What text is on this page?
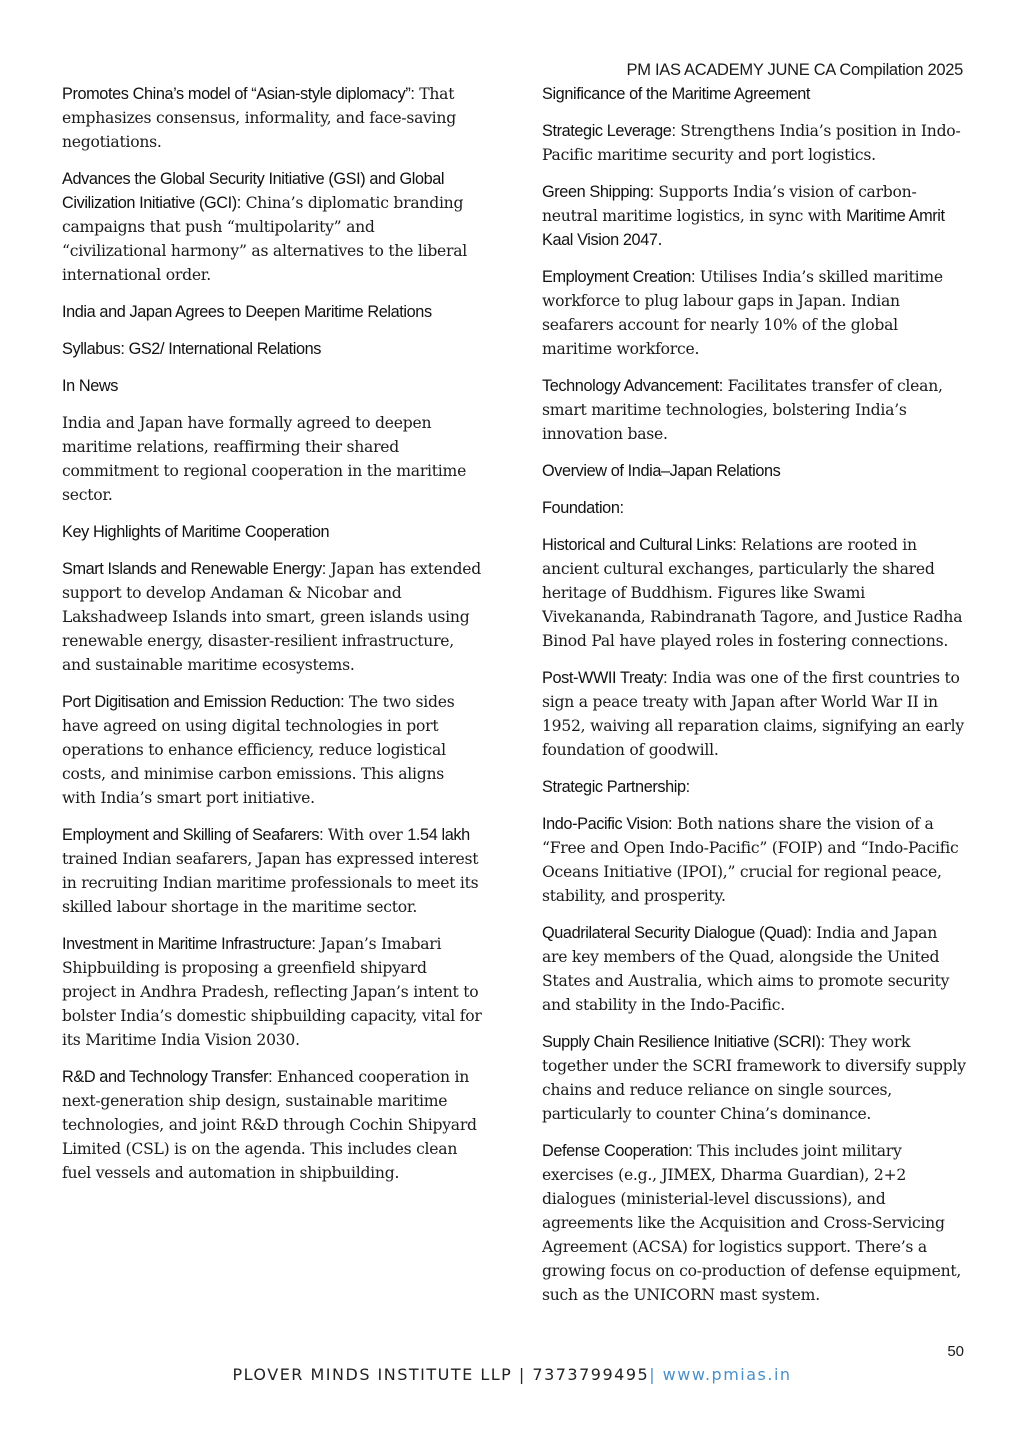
PM IAS ACADEMY JUNE CA Compilation 2025

Promotes China’s model of “Asian-style diplomacy”: That emphasizes consensus, informality, and face-saving negotiations.

Advances the Global Security Initiative (GSI) and Global Civilization Initiative (GCI): China’s diplomatic branding campaigns that push “multipolarity” and “civilizational harmony” as alternatives to the liberal international order.

India and Japan Agrees to Deepen Maritime Relations

Syllabus: GS2/ International Relations

In News

India and Japan have formally agreed to deepen maritime relations, reaffirming their shared commitment to regional cooperation in the maritime sector.

Key Highlights of Maritime Cooperation

Smart Islands and Renewable Energy: Japan has extended support to develop Andaman & Nicobar and Lakshadweep Islands into smart, green islands using renewable energy, disaster-resilient infrastructure, and sustainable maritime ecosystems.

Port Digitisation and Emission Reduction: The two sides have agreed on using digital technologies in port operations to enhance efficiency, reduce logistical costs, and minimise carbon emissions. This aligns with India’s smart port initiative.

Employment and Skilling of Seafarers: With over 1.54 lakh trained Indian seafarers, Japan has expressed interest in recruiting Indian maritime professionals to meet its skilled labour shortage in the maritime sector.

Investment in Maritime Infrastructure: Japan’s Imabari Shipbuilding is proposing a greenfield shipyard project in Andhra Pradesh, reflecting Japan’s intent to bolster India’s domestic shipbuilding capacity, vital for its Maritime India Vision 2030.

R&D and Technology Transfer: Enhanced cooperation in next-generation ship design, sustainable maritime technologies, and joint R&D through Cochin Shipyard Limited (CSL) is on the agenda. This includes clean fuel vessels and automation in shipbuilding.

Significance of the Maritime Agreement

Strategic Leverage: Strengthens India’s position in Indo-Pacific maritime security and port logistics.

Green Shipping: Supports India’s vision of carbon-neutral maritime logistics, in sync with Maritime Amrit Kaal Vision 2047.

Employment Creation: Utilises India’s skilled maritime workforce to plug labour gaps in Japan. Indian seafarers account for nearly 10% of the global maritime workforce.

Technology Advancement: Facilitates transfer of clean, smart maritime technologies, bolstering India’s innovation base.

Overview of India–Japan Relations

Foundation:

Historical and Cultural Links: Relations are rooted in ancient cultural exchanges, particularly the shared heritage of Buddhism. Figures like Swami Vivekananda, Rabindranath Tagore, and Justice Radha Binod Pal have played roles in fostering connections.

Post-WWII Treaty: India was one of the first countries to sign a peace treaty with Japan after World War II in 1952, waiving all reparation claims, signifying an early foundation of goodwill.

Strategic Partnership:

Indo-Pacific Vision: Both nations share the vision of a “Free and Open Indo-Pacific” (FOIP) and “Indo-Pacific Oceans Initiative (IPOI),” crucial for regional peace, stability, and prosperity.

Quadrilateral Security Dialogue (Quad): India and Japan are key members of the Quad, alongside the United States and Australia, which aims to promote security and stability in the Indo-Pacific.

Supply Chain Resilience Initiative (SCRI): They work together under the SCRI framework to diversify supply chains and reduce reliance on single sources, particularly to counter China’s dominance.

Defense Cooperation: This includes joint military exercises (e.g., JIMEX, Dharma Guardian), 2+2 dialogues (ministerial-level discussions), and agreements like the Acquisition and Cross-Servicing Agreement (ACSA) for logistics support. There’s a growing focus on co-production of defense equipment, such as the UNICORN mast system.

50
PLOVER MINDS INSTITUTE LLP | 7373799495| www.pmias.in
